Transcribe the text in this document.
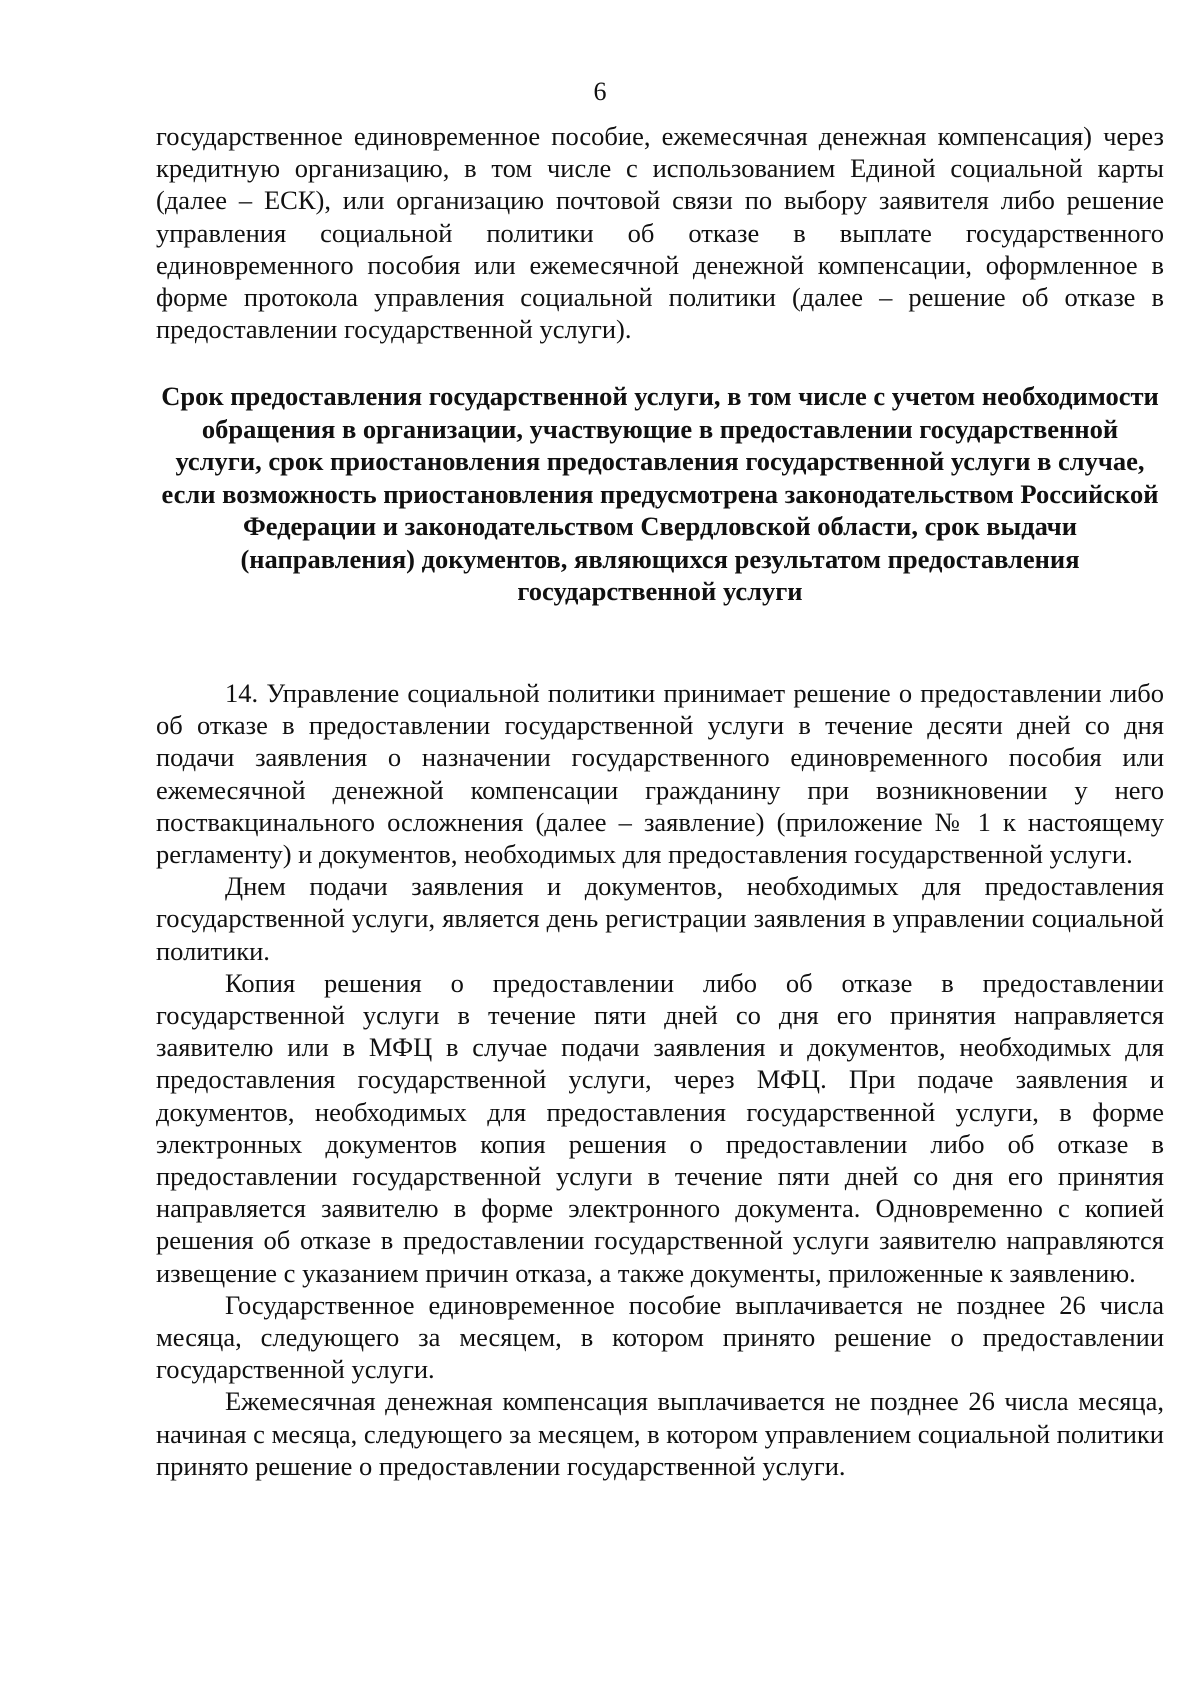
6

государственное единовременное пособие, ежемесячная денежная компенсация) через кредитную организацию, в том числе с использованием Единой социальной карты (далее – ЕСК), или организацию почтовой связи по выбору заявителя либо решение управления социальной политики об отказе в выплате государственного единовременного пособия или ежемесячной денежной компенсации, оформленное в форме протокола управления социальной политики (далее – решение об отказе в предоставлении государственной услуги).

Срок предоставления государственной услуги, в том числе с учетом необходимости обращения в организации, участвующие в предоставлении государственной услуги, срок приостановления предоставления государственной услуги в случае, если возможность приостановления предусмотрена законодательством Российской Федерации и законодательством Свердловской области, срок выдачи (направления) документов, являющихся результатом предоставления государственной услуги

14. Управление социальной политики принимает решение о предоставлении либо об отказе в предоставлении государственной услуги в течение десяти дней со дня подачи заявления о назначении государственного единовременного пособия или ежемесячной денежной компенсации гражданину при возникновении у него поствакцинального осложнения (далее – заявление) (приложение № 1 к настоящему регламенту) и документов, необходимых для предоставления государственной услуги.

Днем подачи заявления и документов, необходимых для предоставления государственной услуги, является день регистрации заявления в управлении социальной политики.

Копия решения о предоставлении либо об отказе в предоставлении государственной услуги в течение пяти дней со дня его принятия направляется заявителю или в МФЦ в случае подачи заявления и документов, необходимых для предоставления государственной услуги, через МФЦ. При подаче заявления и документов, необходимых для предоставления государственной услуги, в форме электронных документов копия решения о предоставлении либо об отказе в предоставлении государственной услуги в течение пяти дней со дня его принятия направляется заявителю в форме электронного документа. Одновременно с копией решения об отказе в предоставлении государственной услуги заявителю направляются извещение с указанием причин отказа, а также документы, приложенные к заявлению.

Государственное единовременное пособие выплачивается не позднее 26 числа месяца, следующего за месяцем, в котором принято решение о предоставлении государственной услуги.

Ежемесячная денежная компенсация выплачивается не позднее 26 числа месяца, начиная с месяца, следующего за месяцем, в котором управлением социальной политики принято решение о предоставлении государственной услуги.
